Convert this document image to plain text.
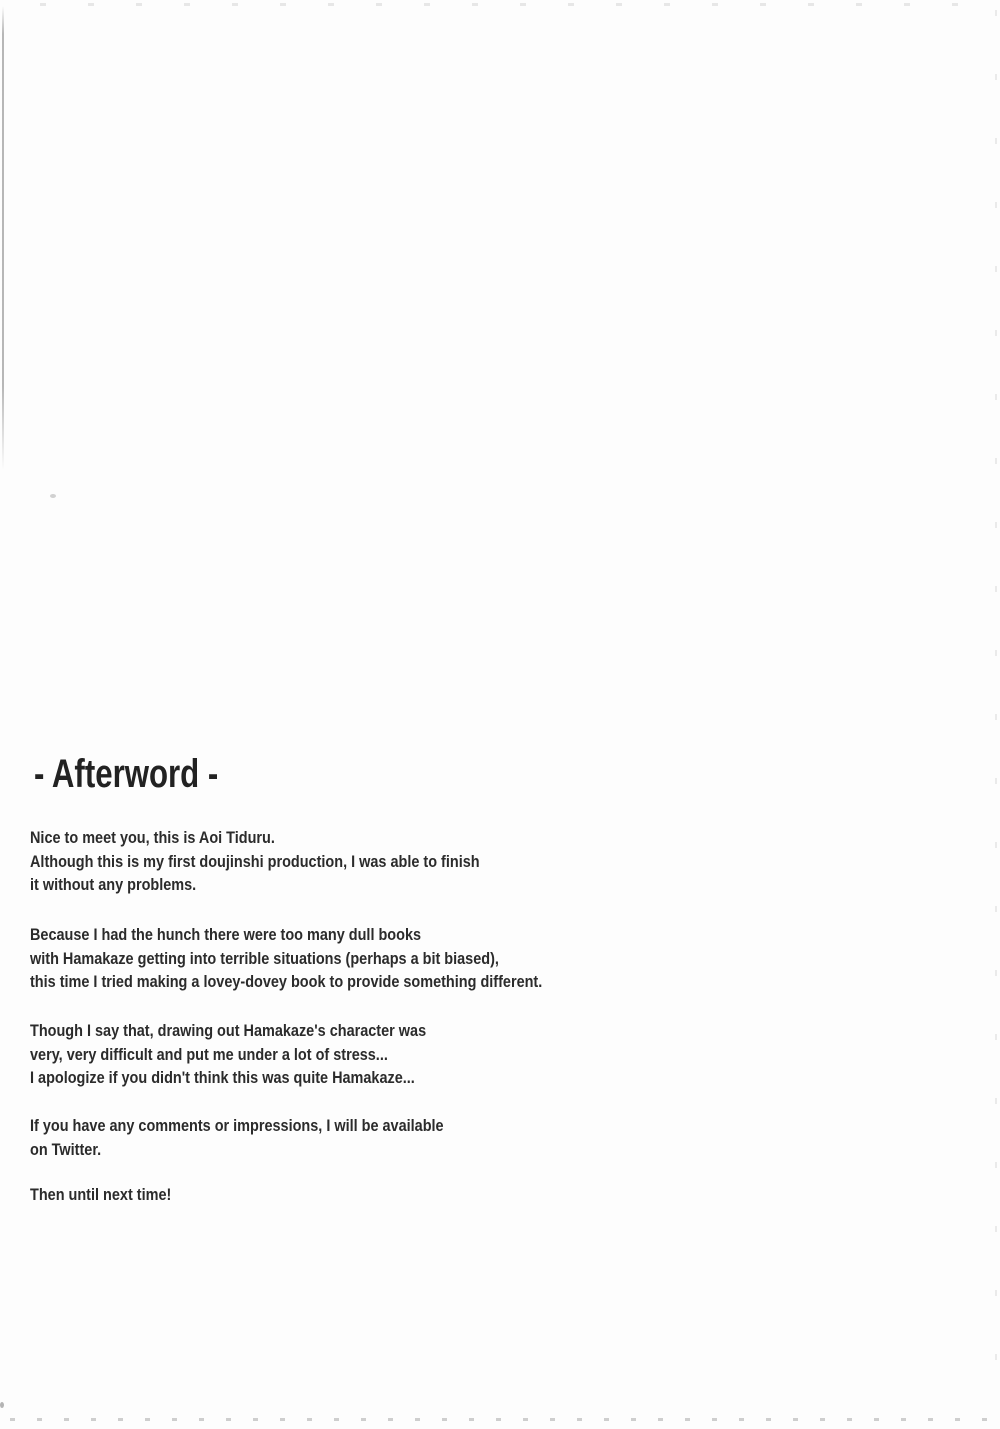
- Afterword -

Nice to meet you, this is Aoi Tiduru.
Although this is my first doujinshi production, I was able to finish
it without any problems.

Because I had the hunch there were too many dull books
with Hamakaze getting into terrible situations (perhaps a bit biased),
this time I tried making a lovey-dovey book to provide something different.

Though I say that, drawing out Hamakaze's character was
very, very difficult and put me under a lot of stress...
I apologize if you didn't think this was quite Hamakaze...

If you have any comments or impressions, I will be available
on Twitter.

Then until next time!
